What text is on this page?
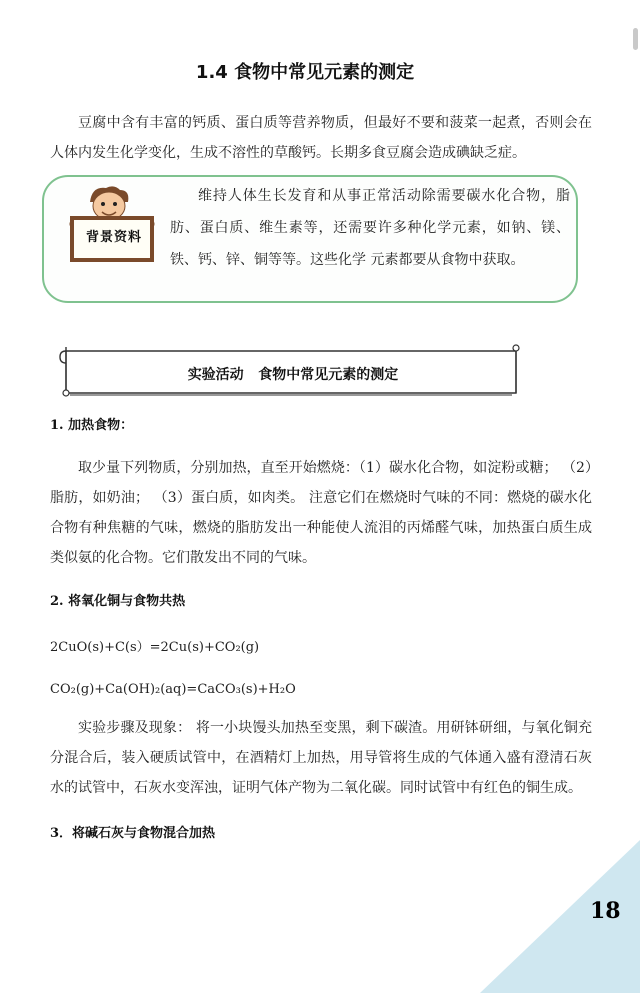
1.4 食物中常见元素的测定

豆腐中含有丰富的钙质、蛋白质等营养物质，但最好不要和菠菜一起煮，否则会在人体内发生化学变化，生成不溶性的草酸钙。长期多食豆腐会造成碘缺乏症。

背景资料

维持人体生长发育和从事正常活动除需要碳水化合物，脂肪、蛋白质、维生素等，还需要许多种化学元素，如钠、镁、铁、钙、锌、铜等等。这些化学 元素都要从食物中获取。

实验活动   食物中常见元素的测定
1. 加热食物：

取少量下列物质，分别加热，直至开始燃烧：（1）碳水化合物，如淀粉或糖； （2）脂肪，如奶油； （3）蛋白质，如肉类。 注意它们在燃烧时气味的不同：燃烧的碳水化合物有种焦糖的气味，燃烧的脂肪发出一种能使人流泪的丙烯醛气味，加热蛋白质生成类似氨的化合物。它们散发出不同的气味。

2. 将氧化铜与食物共热
2CuO(s)+C(s）=2Cu(s)+CO₂(g)
CO₂(g)+Ca(OH)₂(aq)=CaCO₃(s)+H₂O

实验步骤及现象： 将一小块馒头加热至变黑，剩下碳渣。用研钵研细，与氧化铜充分混合后，装入硬质试管中，在酒精灯上加热，用导管将生成的气体通入盛有澄清石灰水的试管中，石灰水变浑浊，证明气体产物为二氧化碳。同时试管中有红色的铜生成。

3．将碱石灰与食物混合加热
18
